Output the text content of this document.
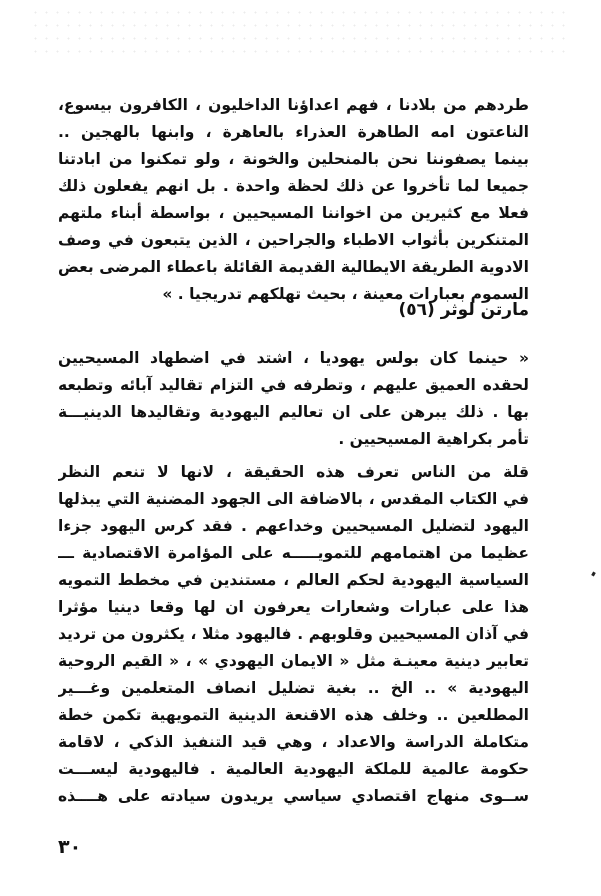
طردهم من بلادنا ، فهم اعداؤنا الداخليون ، الكافرون بيسوع،
الناعتون امه الطاهرة العذراء بالعاهرة ، وابنها بالهجين ..
بينما يصفوننا نحن بالمنحلين والخونة ، ولو تمكنوا من ابادتنا
جميعا لما تأخروا عن ذلك لحظة واحدة . بل انهم يفعلون ذلك
فعلا مع كثيرين من اخواننا المسيحيين ، بواسطة أبناء ملتهم
المتنكرين بأثواب الاطباء والجراحين ، الذين يتبعون في وصف
الادوية الطريقة الايطالية القديمة القائلة باعطاء المرضى بعض
السموم بعبارات معينة ، بحيث تهلكهم تدريجيا . »
مارتن لوثر (٥٦)
« حينما كان بولس يهوديا ، اشتد في اضطهاد المسيحيين
لحقده العميق عليهم ، وتطرفه في التزام تقاليد آبائه وتطبعه
بها . ذلك يبرهن على ان تعاليم اليهودية وتقاليدها الدينيـــة
تأمر بكراهية المسيحيين .
قلة من الناس تعرف هذه الحقيقة ، لانها لا تنعم النظر
في الكتاب المقدس ، بالاضافة الى الجهود المضنية التي يبذلها
اليهود لتضليل المسيحيين وخداعهم . فقد كرس اليهود جزءا
عظيما من اهتمامهم للتمويـــــه على المؤامرة الاقتصادية ـــ
السياسية اليهودية لحكم العالم ، مستندين في مخطط التمويه
هذا على عبارات وشعارات يعرفون ان لها وقعا دينيا مؤثرا
في آذان المسيحيين وقلوبهم . فاليهود مثلا ، يكثرون من ترديد
تعابير دينية معينـة مثل « الايمان اليهودي » ، « القيم الروحية
اليهودية » .. الخ .. بغية تضليل انصاف المتعلمين وغـــير
المطلعين .. وخلف هذه الاقنعة الدينية التمويهية تكمن خطة
متكاملة الدراسة والاعداد ، وهي قيد التنفيذ الذكي ، لاقامة
حكومة عالمية للملكة اليهودية العالمية . فاليهودية ليســـت
ســوى منهاج اقتصادي سياسي يريدون سيادته على هــــذه
٣٠
